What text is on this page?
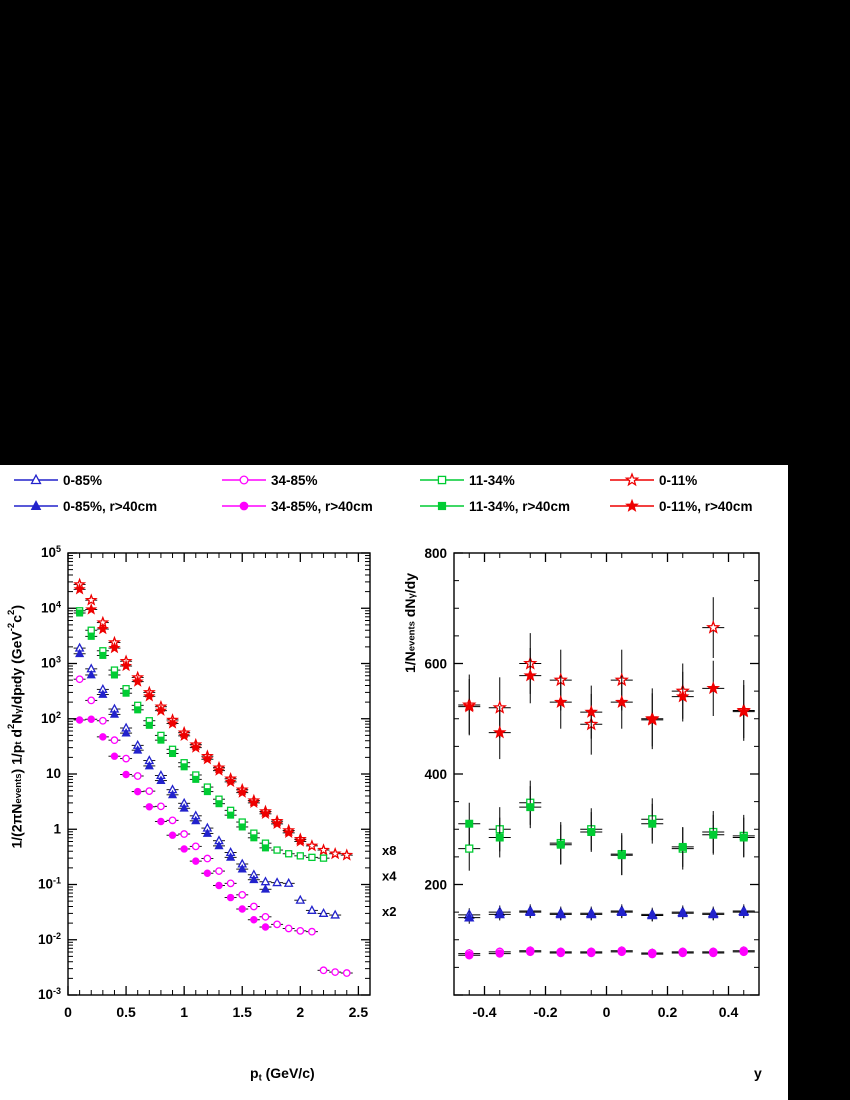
0-85%	34-85%	11-34%	0-11%
0-85%, r>40cm	34-85%, r>40cm	11-34%, r>40cm	0-11%, r>40cm
0	0.5	1	1.5	2	2.5
$10^{-3}$
$10^{-2}$
$10^{-1}$
1
10
$10^2$
$10^3$
$10^4$
$10^5$
x8
x4
x2
$p_t$ (GeV/c)
$1/(2\pi N_{events})$ $1/p_t$ $d^2N_\gamma/dp_tdy$ $(GeV^{-2}c^2)$
-0.4	-0.2	0	0.2	0.4
200
400
600
800
y
$1/N_{events}$ $dN_\gamma/dy$
